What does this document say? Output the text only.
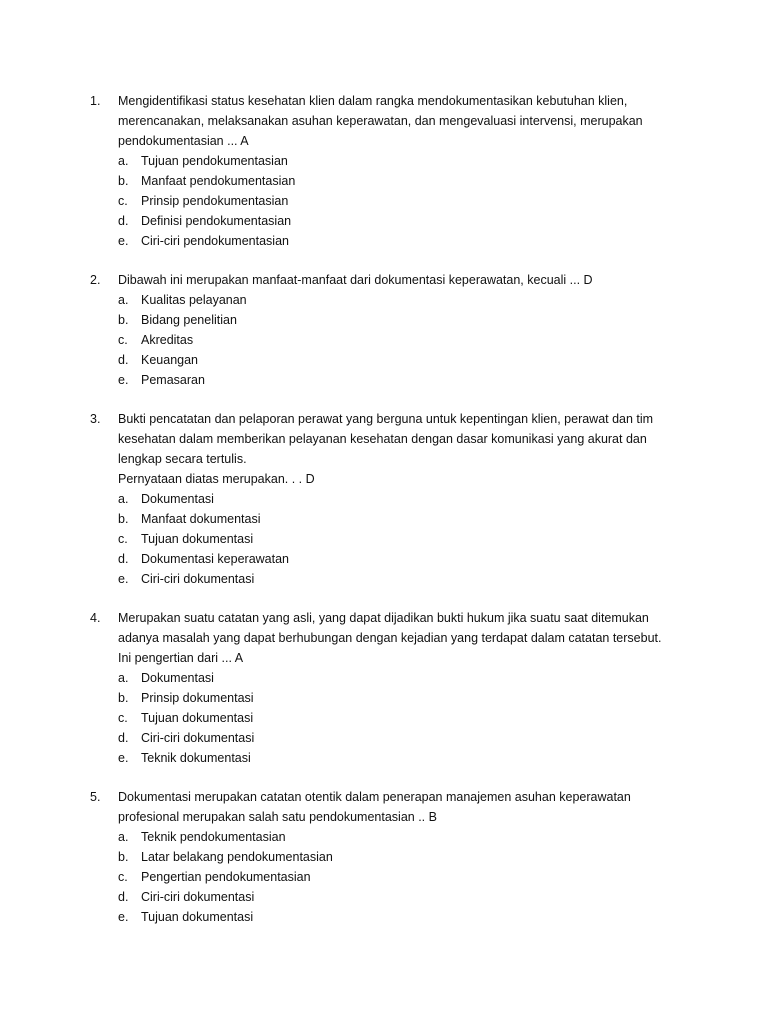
1.	Mengidentifikasi status kesehatan klien dalam rangka mendokumentasikan kebutuhan klien,
merencanakan, melaksanakan asuhan keperawatan, dan mengevaluasi intervensi, merupakan
pendokumentasian ... A
a. Tujuan pendokumentasian
b. Manfaat pendokumentasian
c. Prinsip pendokumentasian
d. Definisi pendokumentasian
e. Ciri-ciri pendokumentasian
2.	Dibawah ini merupakan manfaat-manfaat dari dokumentasi keperawatan, kecuali ... D
a. Kualitas pelayanan
b. Bidang penelitian
c. Akreditas
d. Keuangan
e. Pemasaran
3.	Bukti pencatatan dan pelaporan perawat yang berguna untuk kepentingan klien, perawat dan tim
kesehatan dalam memberikan pelayanan kesehatan dengan dasar komunikasi yang akurat dan
lengkap secara tertulis.
Pernyataan diatas merupakan. . . D
a. Dokumentasi
b. Manfaat dokumentasi
c. Tujuan dokumentasi
d. Dokumentasi keperawatan
e. Ciri-ciri dokumentasi
4.	Merupakan suatu catatan yang asli, yang dapat dijadikan bukti hukum jika suatu saat ditemukan
adanya masalah yang dapat berhubungan dengan kejadian yang terdapat dalam catatan tersebut.
Ini pengertian dari ... A
a. Dokumentasi
b. Prinsip dokumentasi
c. Tujuan dokumentasi
d. Ciri-ciri dokumentasi
e. Teknik dokumentasi
5.	Dokumentasi merupakan catatan otentik dalam penerapan manajemen asuhan keperawatan
profesional merupakan salah satu pendokumentasian .. B
a. Teknik pendokumentasian
b. Latar belakang pendokumentasian
c. Pengertian pendokumentasian
d. Ciri-ciri dokumentasi
e. Tujuan dokumentasi
